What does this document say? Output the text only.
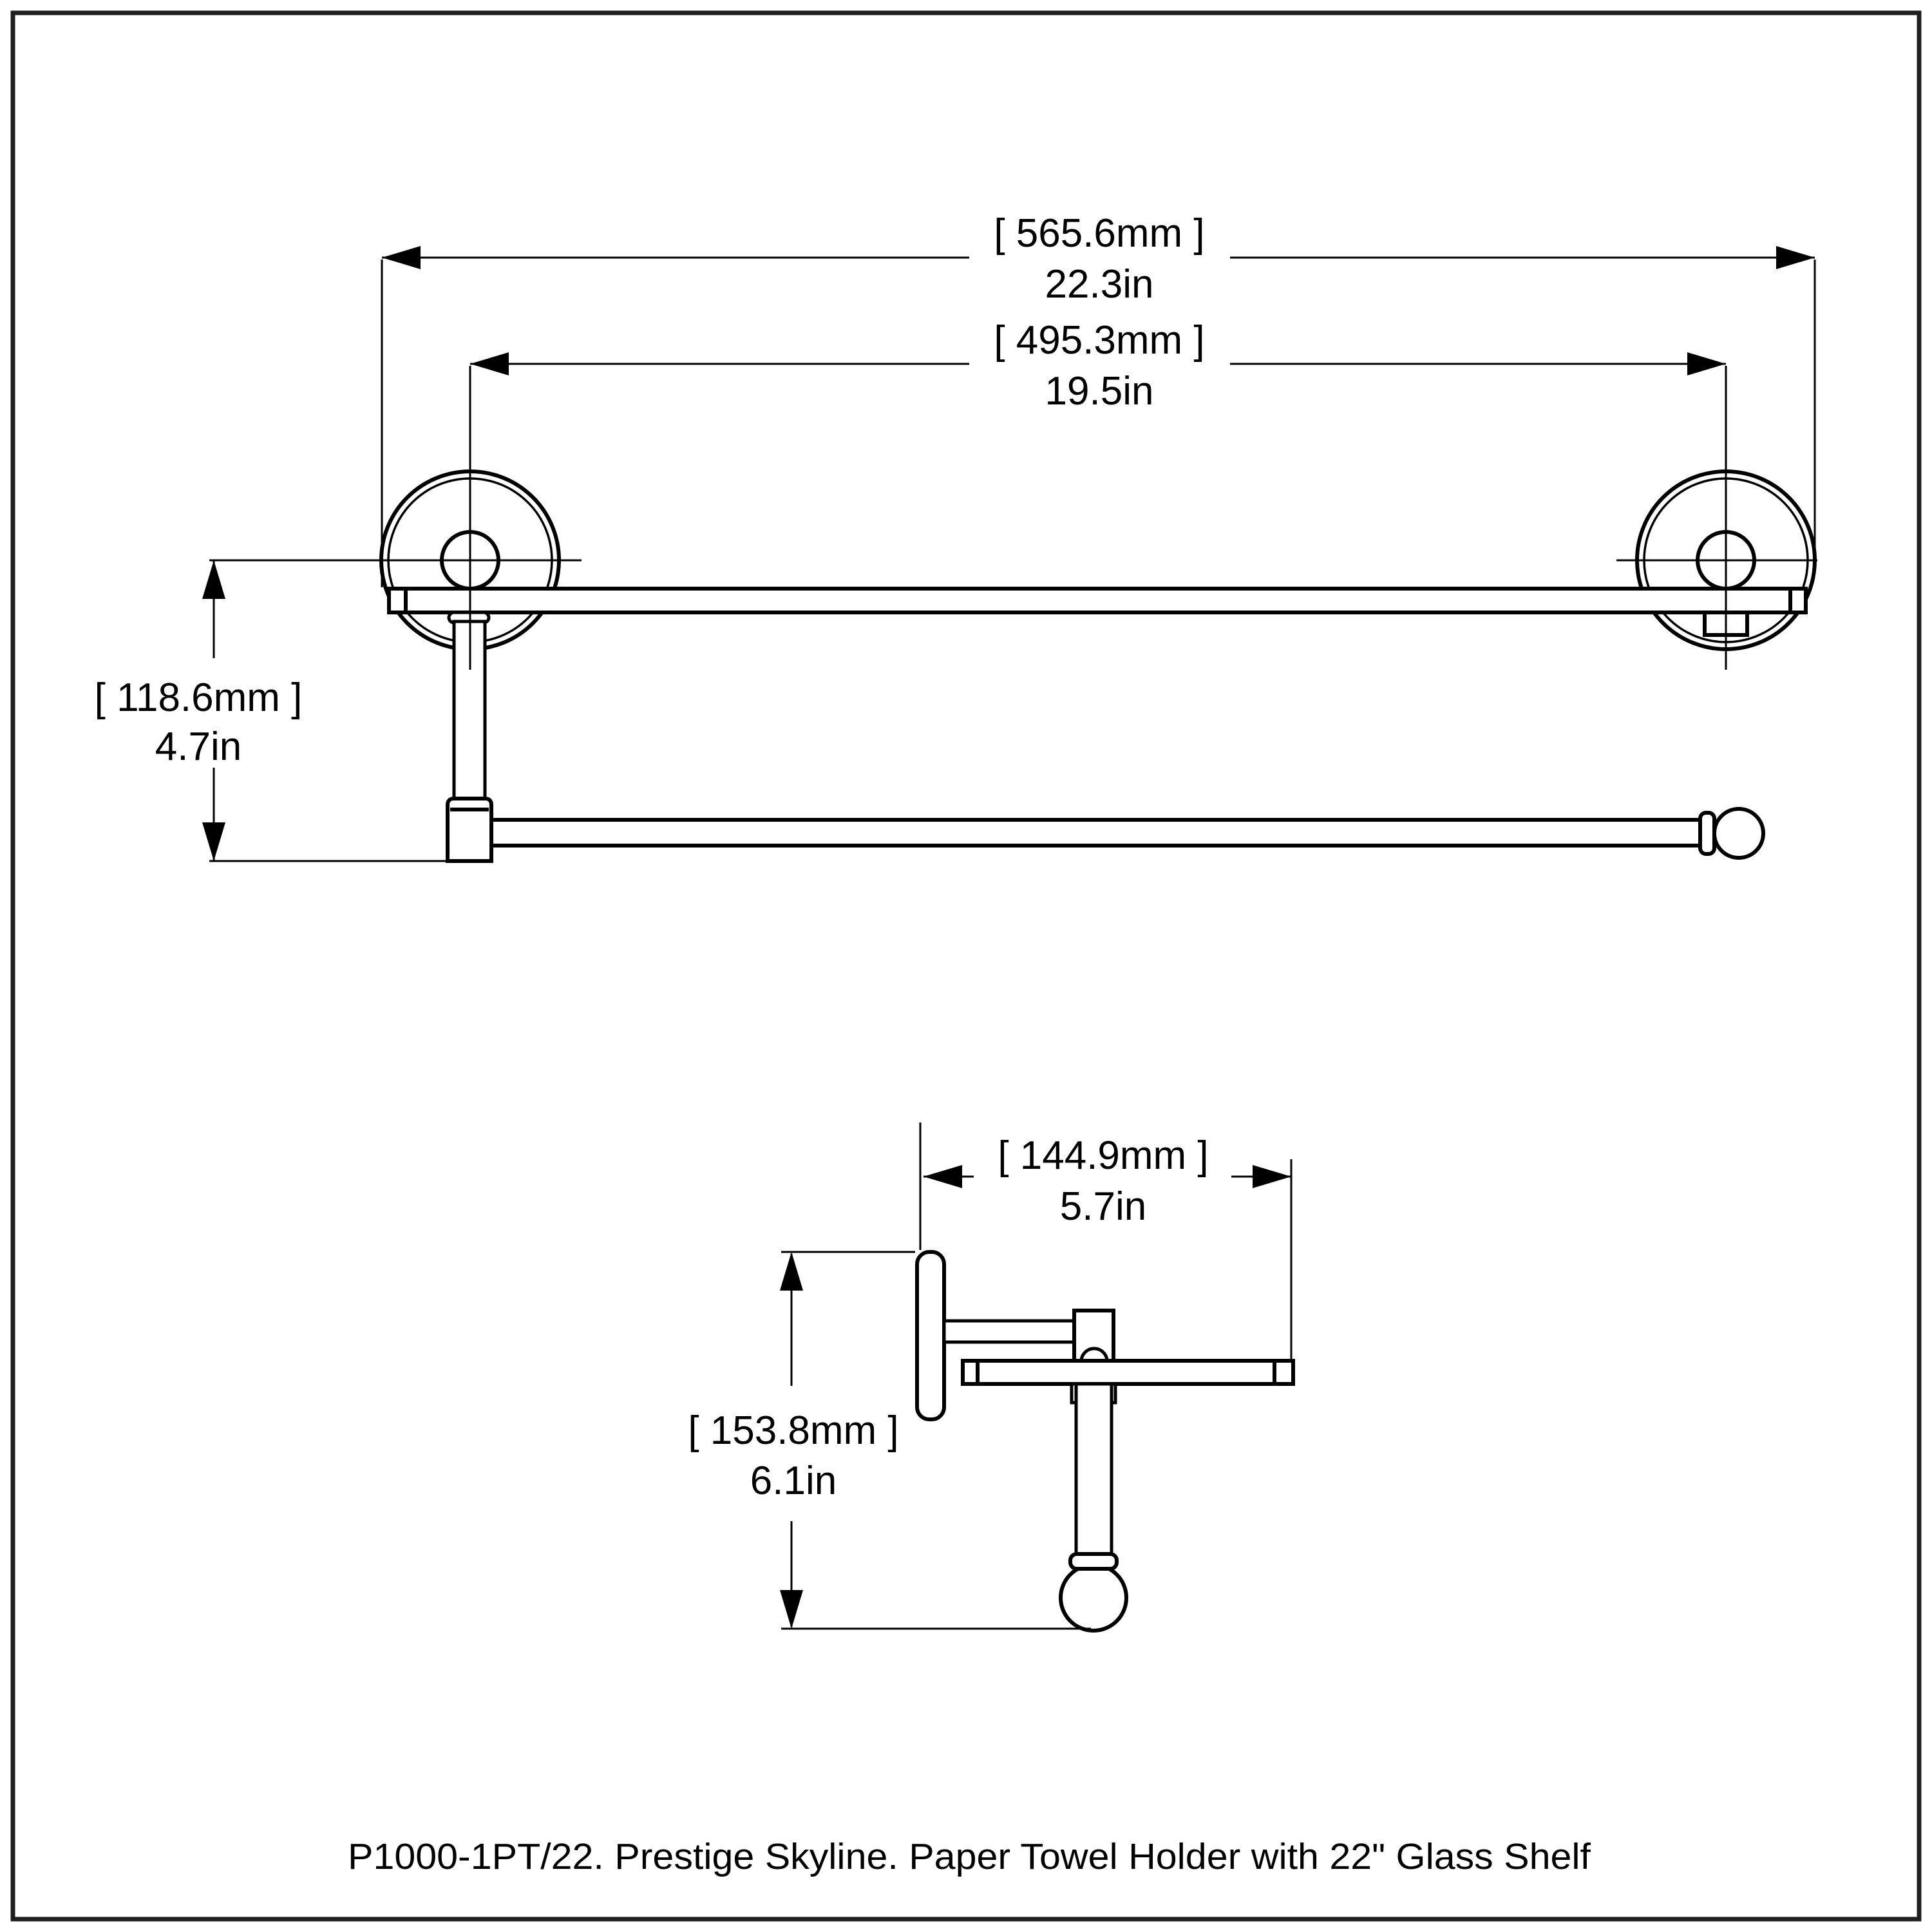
[ 565.6mm ]
22.3in
[ 495.3mm ]
19.5in
[ 118.6mm ]
4.7in
[ 144.9mm ]
5.7in
[ 153.8mm ]
6.1in
P1000-1PT/22. Prestige Skyline. Paper Towel Holder with 22" Glass Shelf
